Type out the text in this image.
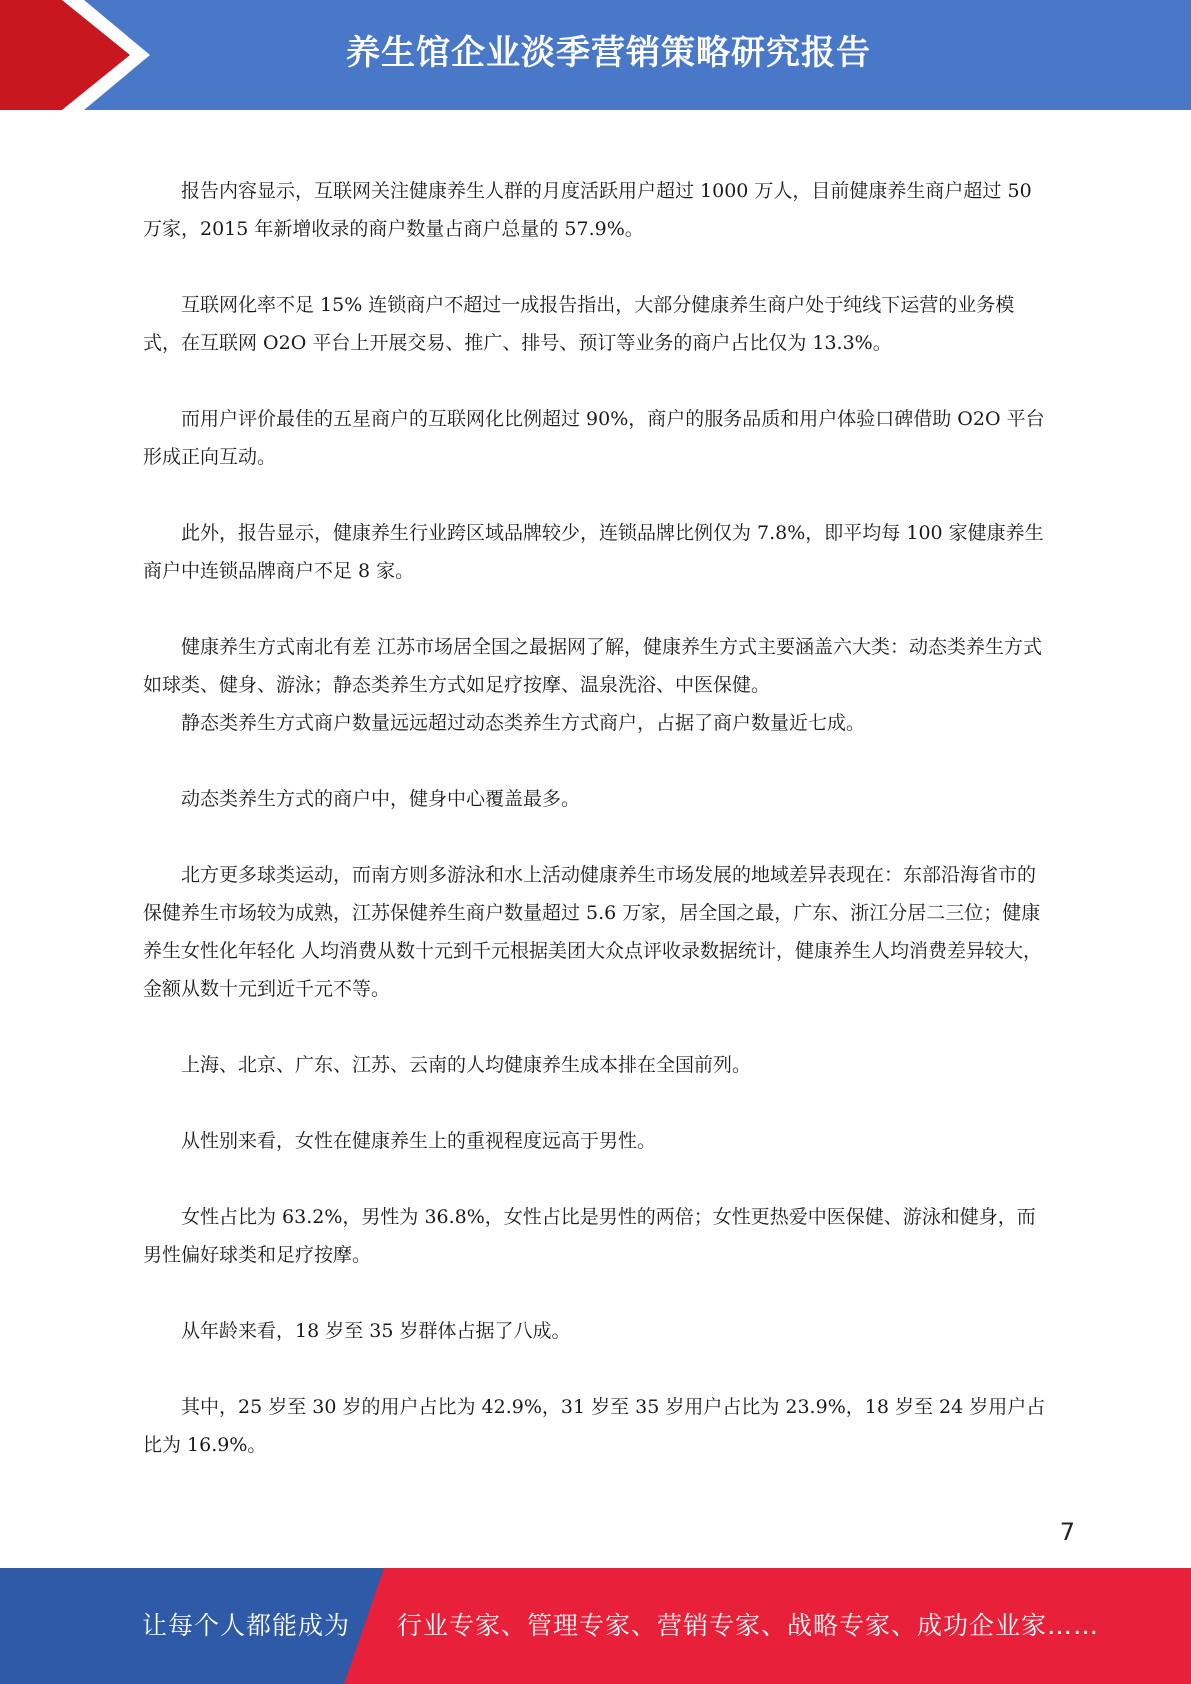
养生馆企业淡季营销策略研究报告

报告内容显示，互联网关注健康养生人群的月度活跃用户超过 1000 万人，目前健康养生商户超过 50 万家，2015 年新增收录的商户数量占商户总量的 57.9%。

互联网化率不足 15% 连锁商户不超过一成报告指出，大部分健康养生商户处于纯线下运营的业务模式，在互联网 O2O 平台上开展交易、推广、排号、预订等业务的商户占比仅为 13.3%。

而用户评价最佳的五星商户的互联网化比例超过 90%，商户的服务品质和用户体验口碑借助 O2O 平台形成正向互动。

此外，报告显示，健康养生行业跨区域品牌较少，连锁品牌比例仅为 7.8%，即平均每 100 家健康养生商户中连锁品牌商户不足 8 家。

健康养生方式南北有差 江苏市场居全国之最据网了解，健康养生方式主要涵盖六大类：动态类养生方式如球类、健身、游泳；静态类养生方式如足疗按摩、温泉洗浴、中医保健。

静态类养生方式商户数量远远超过动态类养生方式商户，占据了商户数量近七成。

动态类养生方式的商户中，健身中心覆盖最多。

北方更多球类运动，而南方则多游泳和水上活动健康养生市场发展的地域差异表现在：东部沿海省市的保健养生市场较为成熟，江苏保健养生商户数量超过 5.6 万家，居全国之最，广东、浙江分居二三位；健康养生女性化年轻化 人均消费从数十元到千元根据美团大众点评收录数据统计，健康养生人均消费差异较大，金额从数十元到近千元不等。

上海、北京、广东、江苏、云南的人均健康养生成本排在全国前列。

从性别来看，女性在健康养生上的重视程度远高于男性。

女性占比为 63.2%，男性为 36.8%，女性占比是男性的两倍；女性更热爱中医保健、游泳和健身，而男性偏好球类和足疗按摩。

从年龄来看，18 岁至 35 岁群体占据了八成。

其中，25 岁至 30 岁的用户占比为 42.9%，31 岁至 35 岁用户占比为 23.9%，18 岁至 24 岁用户占比为 16.9%。

7
让每个人都能成为 行业专家、管理专家、营销专家、战略专家、成功企业家……
